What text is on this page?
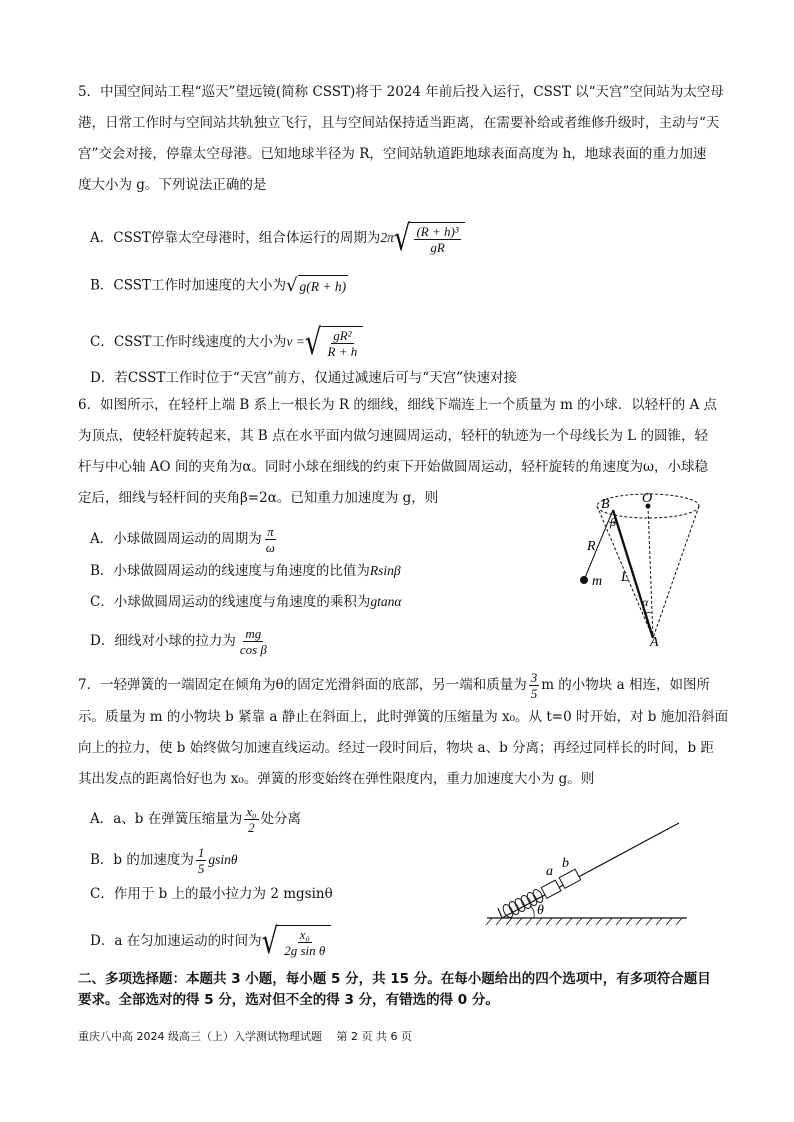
5．中国空间站工程“巡天”望远镜(简称 CSST)将于 2024 年前后投入运行，CSST 以“天宫”空间站为太空母
港，日常工作时与空间站共轨独立飞行，且与空间站保持适当距离，在需要补给或者维修升级时，主动与“天
宫”交会对接，停靠太空母港。已知地球半径为 R，空间站轨道距地球表面高度为 h，地球表面的重力加速
度大小为 g。下列说法正确的是
A．CSST停靠太空母港时，组合体运行的周期为2π √ $\frac{\text{(R + h)³}}{gR}$
B．CSST工作时加速度的大小为 √ g(R + h)
C．CSST工作时线速度的大小为v = √ $\frac{\text{gR²}}{R + h}$
D．若CSST工作时位于“天宫”前方，仅通过减速后可与“天宫”快速对接
6．如图所示，在轻杆上端 B 系上一根长为 R 的细线，细线下端连上一个质量为 m 的小球．以轻杆的 A 点
为顶点，使轻杆旋转起来，其 B 点在水平面内做匀速圆周运动，轻杆的轨迹为一个母线长为 L 的圆锥，轻
杆与中心轴 AO 间的夹角为α。同时小球在细线的约束下开始做圆周运动，轻杆旋转的角速度为ω，小球稳
定后，细线与轻杆间的夹角β=2α。已知重力加速度为 g，则
A．小球做圆周运动的周期为 $\frac{\pi}{\omega}$
B．小球做圆周运动的线速度与角速度的比值为Rsinβ
C．小球做圆周运动的线速度与角速度的乘积为gtanα
D．细线对小球的拉力为 $\frac{mg}{\text{cos β}}$
O
B
β
R
m L
α
A
7．一轻弹簧的一端固定在倾角为θ的固定光滑斜面的底部，另一端和质量为 $\frac{3}{5}$ m 的小物块 a 相连，如图所
示。质量为 m 的小物块 b 紧靠 a 静止在斜面上，此时弹簧的压缩量为 x₀。从 t=0 时开始，对 b 施加沿斜面
向上的拉力，使 b 始终做匀加速直线运动。经过一段时间后，物块 a、b 分离；再经过同样长的时间，b 距
其出发点的距离恰好也为 x₀。弹簧的形变始终在弹性限度内，重力加速度大小为 g。则
A．a、b 在弹簧压缩量为 $\frac{\text{x₀}}{2}$ 处分离
B．b 的加速度为 $\frac{1}{5}$ gsinθ
C．作用于 b 上的最小拉力为 2 mgsinθ
D．a 在匀加速运动的时间为 √ $\frac{\text{x₀}}{\text{2g sin θ}}$
a
b
θ
二、多项选择题：本题共 3 小题，每小题 5 分，共 15 分。在每小题给出的四个选项中，有多项符合题目
要求。全部选对的得 5 分，选对但不全的得 3 分，有错选的得 0 分。
重庆八中高 2024 级高三（上）入学测试物理试题　 第 2 页 共 6 页
